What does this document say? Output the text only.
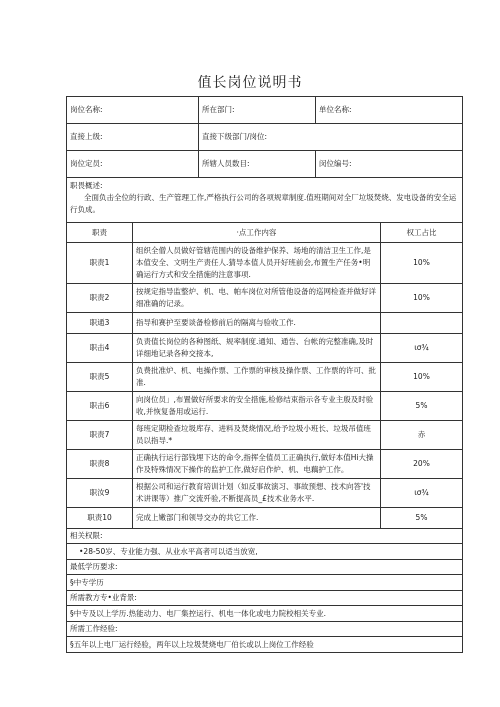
值长岗位说明书
岗位名称:		所在部门:	单位名称:	
直接上级:		直接下级部门/岗位:		
岗位定员:		所辖人员数目:	闵位编号:	

职畏概述:
全面负击全位的行政、生产管理工作,严格执行公司的各项规章制度.值班期间对全厂垃圾焚烧、发电设备的安全运行负成。				

职责	·点工作内容			权工占比
职责1	组织全僧人员做好管辖范围内的设备维护保养、场地的清洁卫生工作,是本值安全、文明生产责任人.猜导本值人员开好班前会,布置生产任务•明确运行方式和安全措施的注意事项.			10%
职责2	按规定指导监整炉、机、电、帕车岗位对所管他设备的巡网检查并做好详细准确的记录。			10%
职通3	指导和赛护至要谈备检修前后的隔离与验收工作.			
职击4	负责值长岗位的各种图纸、规率制度.通知、通告、台帐的完整准确,及时详细地记录各种交接本,			ισ¾
职责5	负费批准炉、机、电操作票、工作票的审核及操作票、工作票的许可、批准.			10%
职击6	向岗位员」,布置做好所要求的安全措施,检修结束指示各专业主殷及时验收,并恢复备用或运行.			5%
职责7	每班定期检查垃圾库存、进料及焚烧情况,给予垃圾小班长、垃圾吊值班员以指导.*			赤
职责8	正确执行运行部钱埋下达的命令,指挥全值员工正确执行,做好本值Hi大操作及特殊情况下操作的监护工作,做好启作炉、机、电藕护工作。			20%
职汝9	根据公司和运行教育培训计划（如反事故演习、事故预想、技术向答'技术讲课等）推广交流歼验,不断提高员_£技术业务水平.			ισ¾
职责10	完成上嫩部门和领导交办的共它工作.			5%
相关权限:				
•28-50岁、专业能力强、从业水平高者可以适当放宽,				
最低学历要求:				
§中专学历				
所需教方专•业背景:				
§中专及以上学历.热能动力、电厂集控运行、机电一体化或电力院校相关专业.				
所需工作经验:				
§五年以上电厂运行经验，两年以上垃圾焚烧电厂伯长或以上岗位工作经验				
